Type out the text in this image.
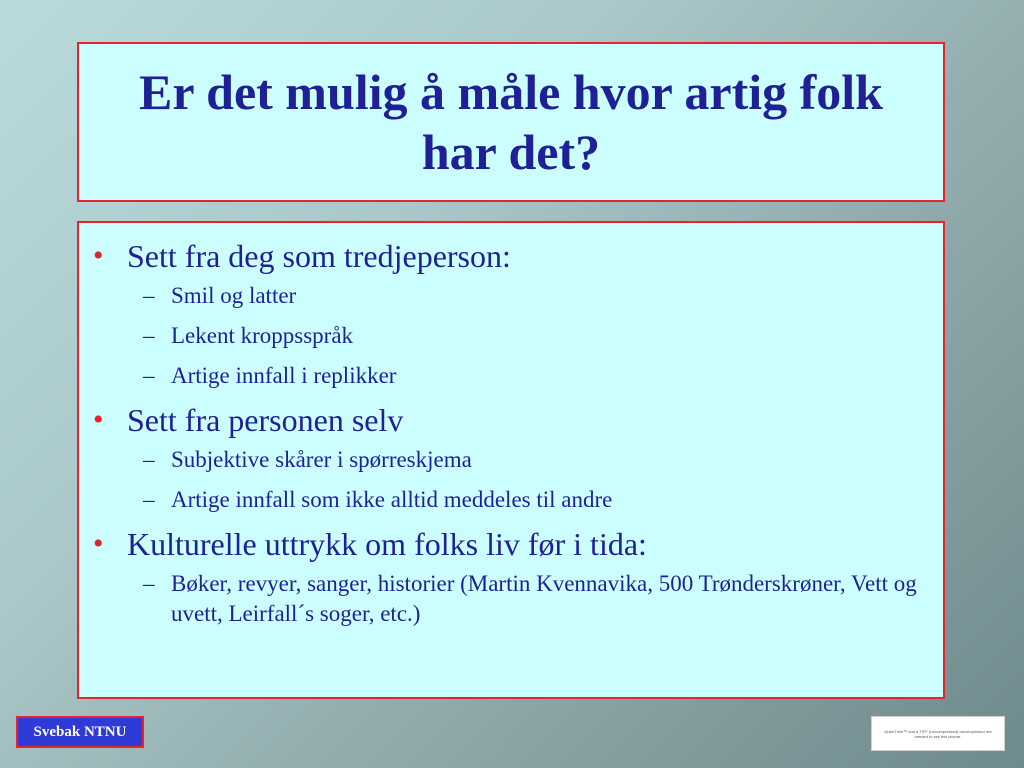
Er det mulig å måle hvor artig folk har det?
• Sett fra deg som tredjeperson:
– Smil og latter
– Lekent kroppsspråk
– Artige innfall i replikker
• Sett fra personen selv
– Subjektive skårer i spørreskjema
– Artige innfall som ikke alltid meddeles til andre
• Kulturelle uttrykk om folks liv før i tida:
– Bøker, revyer, sanger, historier (Martin Kvennavika, 500 Trønderskrøner, Vett og uvett, Leirfall´s soger, etc.)
Svebak NTNU	QuickTime™ and a TIFF (Uncompressed) decompressor are needed to see this picture.
